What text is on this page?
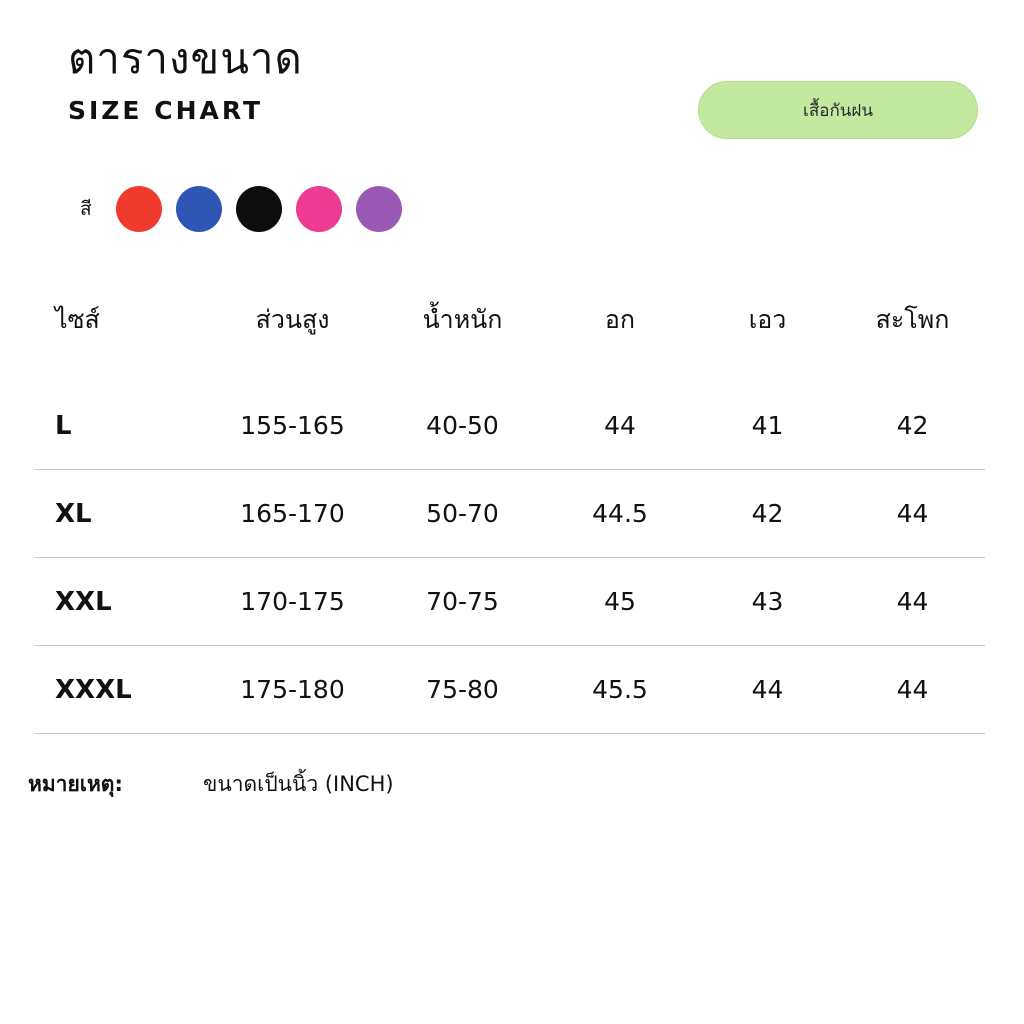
ตารางขนาด
SIZE CHART	เสื้อกันฝน
สี
ไซส์	ส่วนสูง	น้ำหนัก	อก	เอว	สะโพก
L	155-165	40-50	44	41	42
XL	165-170	50-70	44.5	42	44
XXL	170-175	70-75	45	43	44
XXXL	175-180	75-80	45.5	44	44
หมายเหตุ:	ขนาดเป็นนิ้ว (INCH)
